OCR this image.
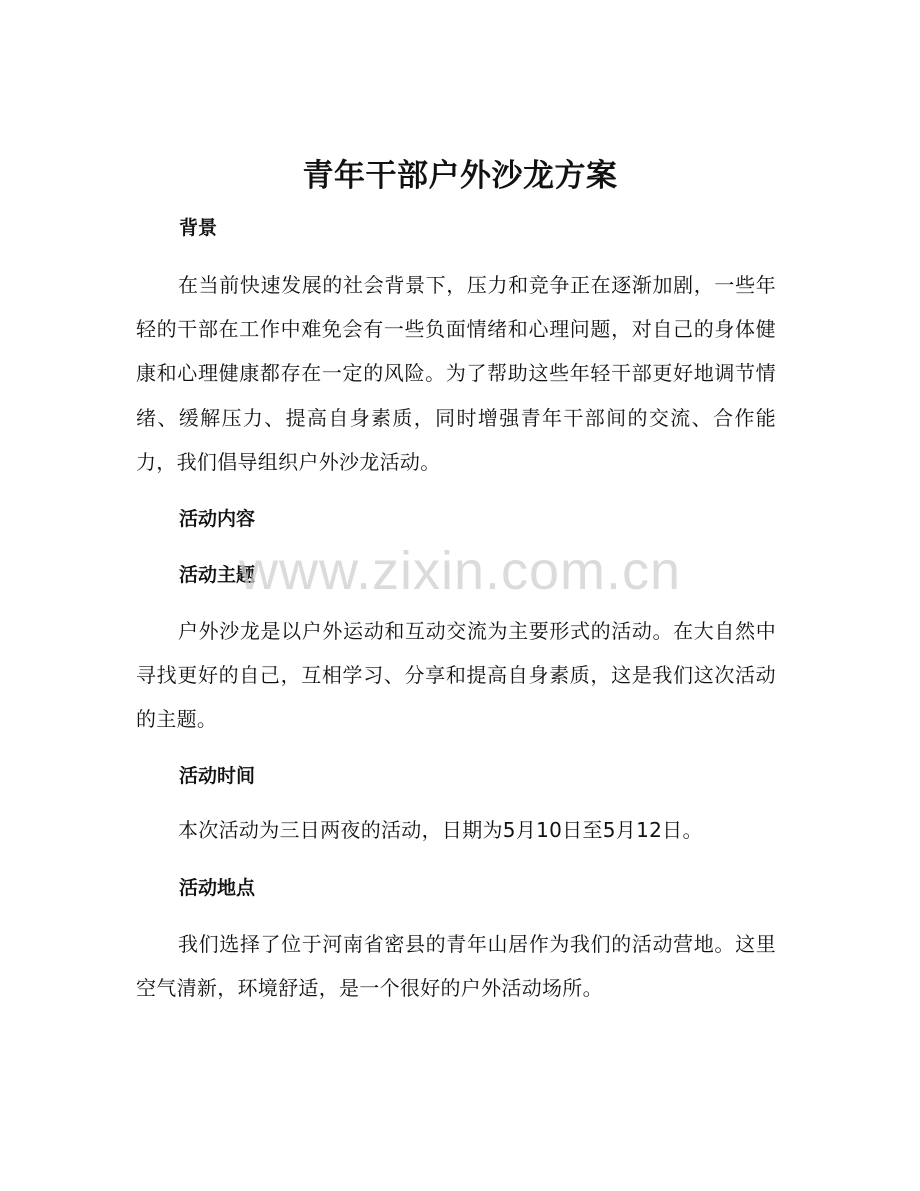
青年干部户外沙龙方案
背景

在当前快速发展的社会背景下，压力和竞争正在逐渐加剧，一些年轻的干部在工作中难免会有一些负面情绪和心理问题，对自己的身体健康和心理健康都存在一定的风险。为了帮助这些年轻干部更好地调节情绪、缓解压力、提高自身素质，同时增强青年干部间的交流、合作能力，我们倡导组织户外沙龙活动。

活动内容
活动主题

户外沙龙是以户外运动和互动交流为主要形式的活动。在大自然中寻找更好的自己，互相学习、分享和提高自身素质，这是我们这次活动的主题。

活动时间

本次活动为三日两夜的活动，日期为5月10日至5月12日。

活动地点

我们选择了位于河南省密县的青年山居作为我们的活动营地。这里空气清新，环境舒适，是一个很好的户外活动场所。

www.zixin.com.cn
